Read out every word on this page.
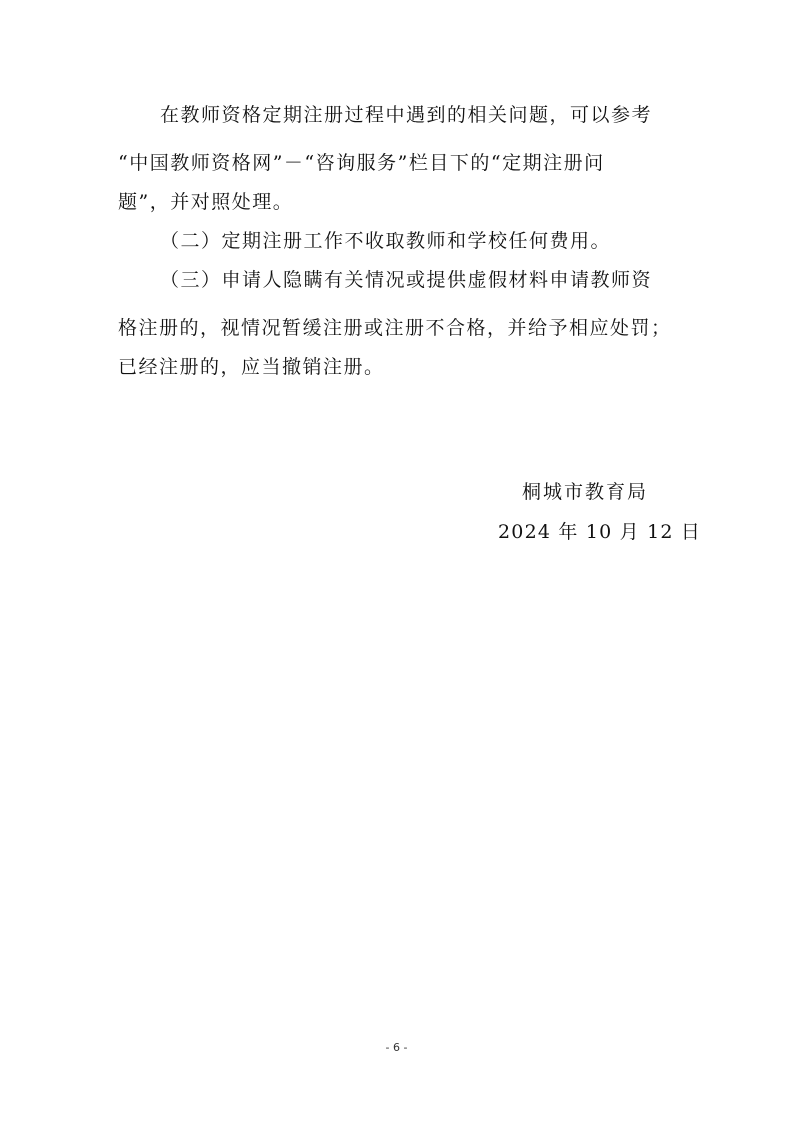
在教师资格定期注册过程中遇到的相关问题，可以参考
“中国教师资格网”－“咨询服务”栏目下的“定期注册问
题”，并对照处理。
（二）定期注册工作不收取教师和学校任何费用。
（三）申请人隐瞒有关情况或提供虚假材料申请教师资
格注册的，视情况暂缓注册或注册不合格，并给予相应处罚；
已经注册的，应当撤销注册。
桐城市教育局
2024 年 10 月 12 日
- 6 -
